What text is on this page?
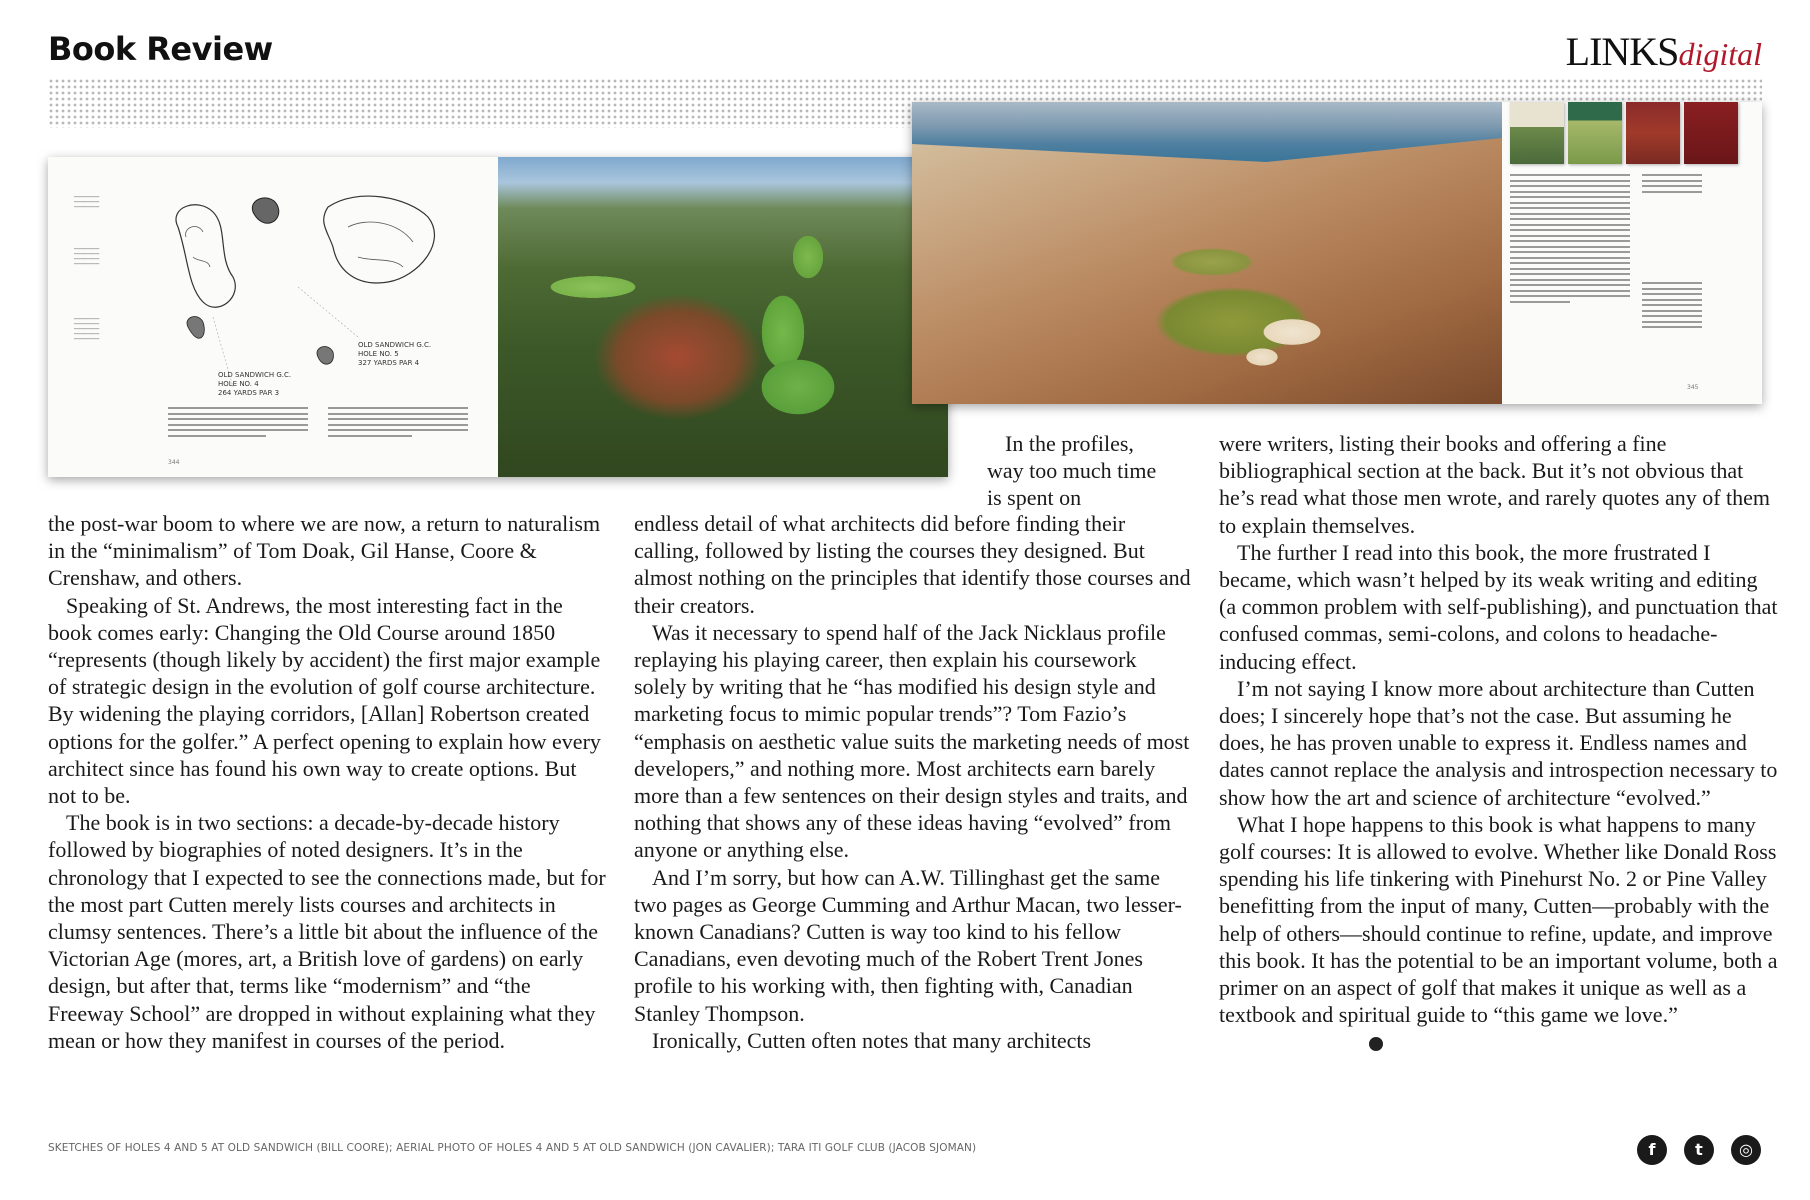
Book Review	LINKSdigital
━━━━━━━━━━━━
━━━━━━━━━━━━
━━━━━━━━━━━━
━━━━━━━━━━━━
━━━━━━━━━━━━
━━━━━━━━━━━━
━━━━━━━━━━━━
━━━━━━━━━━━━
━━━━━━━━━━━━
━━━━━━━━━━━━
━━━━━━━━━━━━
━━━━━━━━━━━━
OLD SANDWICH G.C.
HOLE NO. 4
264 YARDS PAR 3
OLD SANDWICH G.C.
HOLE NO. 5
327 YARDS PAR 4
344
345

the post-war boom to where we are now, a return to naturalism in the “minimalism” of Tom Doak, Gil Hanse, Coore & Crenshaw, and others.

Speaking of St. Andrews, the most interesting fact in the book comes early: Changing the Old Course around 1850 “represents (though likely by accident) the first major example of strategic design in the evolution of golf course architecture. By widening the playing corridors, [Allan] Robertson created options for the golfer.” A perfect opening to explain how every architect since has found his own way to create options. But not to be.

The book is in two sections: a decade-by-decade history followed by biographies of noted designers. It’s in the chronology that I expected to see the connections made, but for the most part Cutten merely lists courses and architects in clumsy sentences. There’s a little bit about the influence of the Victorian Age (mores, art, a British love of gardens) on early design, but after that, terms like “modernism” and “the Freeway School” are dropped in without explaining what they mean or how they manifest in courses of the period.

In the profiles, way too much time is spent on

endless detail of what architects did before finding their calling, followed by listing the courses they designed. But almost nothing on the principles that identify those courses and their creators.

Was it necessary to spend half of the Jack Nicklaus profile replaying his playing career, then explain his coursework solely by writing that he “has modified his design style and marketing focus to mimic popular trends”? Tom Fazio’s “emphasis on aesthetic value suits the marketing needs of most developers,” and nothing more. Most architects earn barely more than a few sentences on their design styles and traits, and nothing that shows any of these ideas having “evolved” from anyone or anything else.

And I’m sorry, but how can A.W. Tillinghast get the same two pages as George Cumming and Arthur Macan, two lesser-known Canadians? Cutten is way too kind to his fellow Canadians, even devoting much of the Robert Trent Jones profile to his working with, then fighting with, Canadian Stanley Thompson.

Ironically, Cutten often notes that many architects

were writers, listing their books and offering a fine bibliographical section at the back. But it’s not obvious that he’s read what those men wrote, and rarely quotes any of them to explain themselves.

The further I read into this book, the more frustrated I became, which wasn’t helped by its weak writing and editing (a common problem with self-publishing), and punctuation that confused commas, semi-colons, and colons to headache-inducing effect.

I’m not saying I know more about architecture than Cutten does; I sincerely hope that’s not the case. But assuming he does, he has proven unable to express it. Endless names and dates cannot replace the analysis and introspection necessary to show how the art and science of architecture “evolved.”

What I hope happens to this book is what happens to many golf courses: It is allowed to evolve. Whether like Donald Ross spending his life tinkering with Pinehurst No. 2 or Pine Valley benefitting from the input of many, Cutten—probably with the help of others—should continue to refine, update, and improve this book. It has the potential to be an important volume, both a primer on an aspect of golf that makes it unique as well as a textbook and spiritual guide to “this game we love.”L

SKETCHES OF HOLES 4 AND 5 AT OLD SANDWICH (BILL COORE); AERIAL PHOTO OF HOLES 4 AND 5 AT OLD SANDWICH (JON CAVALIER); TARA ITI GOLF CLUB (JACOB SJOMAN)	f	t	◎
